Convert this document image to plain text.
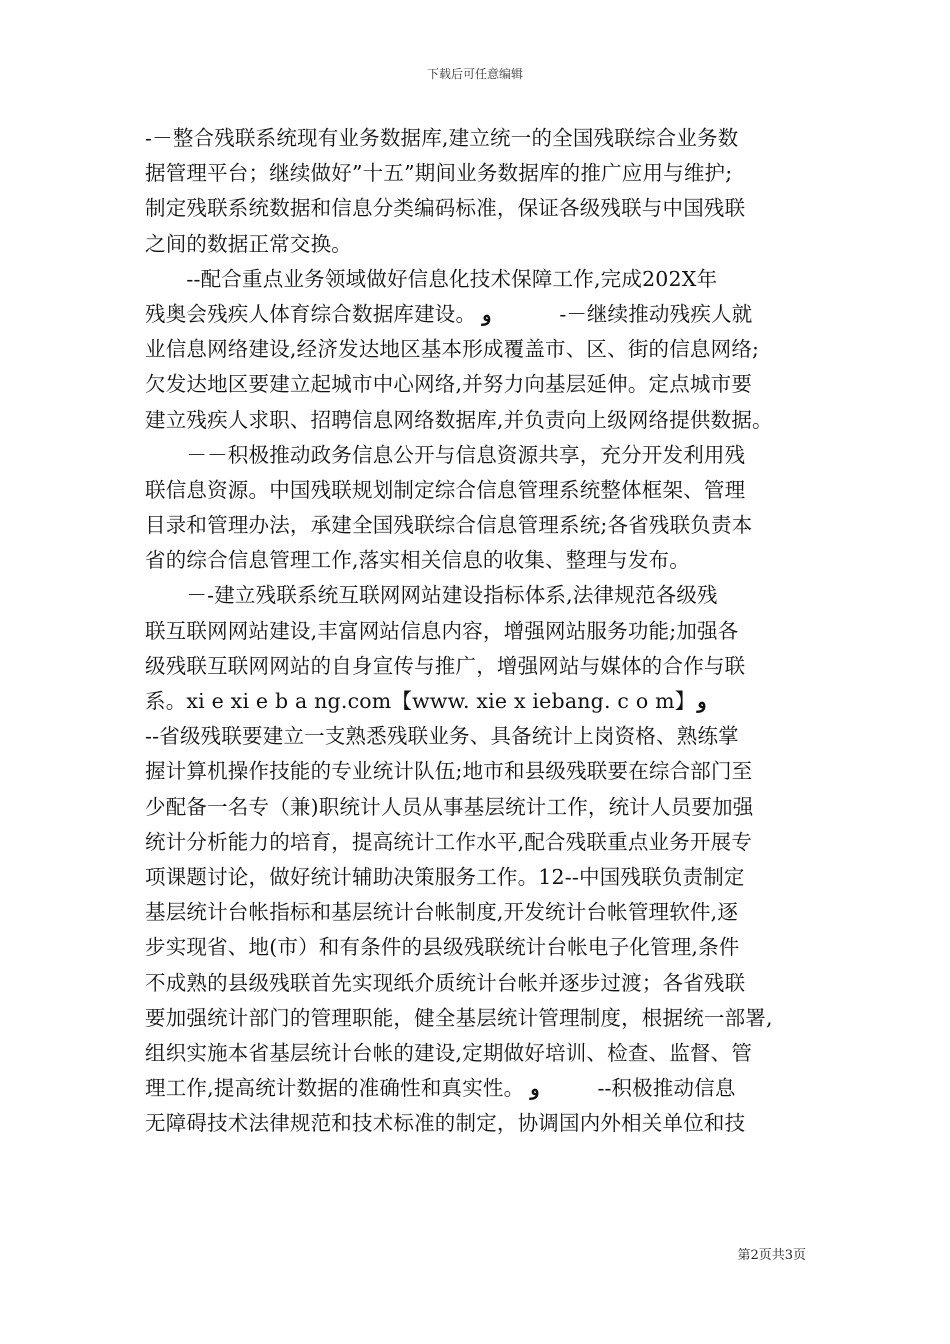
下载后可任意编辑
-－整合残联系统现有业务数据库,建立统一的全国残联综合业务数
据管理平台；继续做好”十五”期间业务数据库的推广应用与维护;
制定残联系统数据和信息分类编码标准，保证各级残联与中国残联
之间的数据正常交换。
　　--配合重点业务领域做好信息化技术保障工作,完成202X年
残奥会残疾人体育综合数据库建设。 و	-－继续推动残疾人就
业信息网络建设,经济发达地区基本形成覆盖市、区、街的信息网络;
欠发达地区要建立起城市中心网络,并努力向基层延伸。定点城市要
建立残疾人求职、招聘信息网络数据库,并负责向上级网络提供数据。
　　－－积极推动政务信息公开与信息资源共享，充分开发利用残
联信息资源。中国残联规划制定综合信息管理系统整体框架、管理
目录和管理办法，承建全国残联综合信息管理系统;各省残联负责本
省的综合信息管理工作,落实相关信息的收集、整理与发布。
　　－-建立残联系统互联网网站建设指标体系,法律规范各级残
联互联网网站建设,丰富网站信息内容，增强网站服务功能;加强各
级残联互联网网站的自身宣传与推广，增强网站与媒体的合作与联
系。xi e xi e b a ng.com【www. xie x iebang. c o m】 و
--省级残联要建立一支熟悉残联业务、具备统计上岗资格、熟练掌
握计算机操作技能的专业统计队伍;地市和县级残联要在综合部门至
少配备一名专（兼)职统计人员从事基层统计工作，统计人员要加强
统计分析能力的培育，提高统计工作水平,配合残联重点业务开展专
项课题讨论，做好统计辅助决策服务工作。12--中国残联负责制定
基层统计台帐指标和基层统计台帐制度,开发统计台帐管理软件,逐
步实现省、地(市）和有条件的县级残联统计台帐电子化管理,条件
不成熟的县级残联首先实现纸介质统计台帐并逐步过渡；各省残联
要加强统计部门的管理职能，健全基层统计管理制度，根据统一部署,
组织实施本省基层统计台帐的建设,定期做好培训、检查、监督、管
理工作,提高统计数据的准确性和真实性。 و	--积极推动信息
无障碍技术法律规范和技术标准的制定，协调国内外相关单位和技
第2页共3页
